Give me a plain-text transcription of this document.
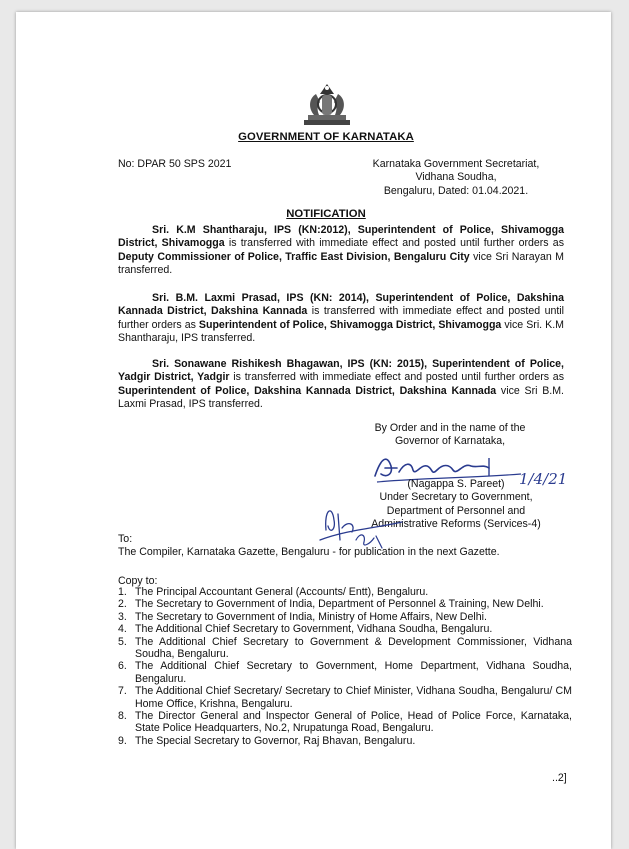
GOVERNMENT OF KARNATAKA
No: DPAR 50 SPS 2021	Karnataka Government Secretariat,
Vidhana Soudha,
Bengaluru, Dated: 01.04.2021.
NOTIFICATION

Sri. K.M Shantharaju, IPS (KN:2012), Superintendent of Police, Shivamogga District, Shivamogga is transferred with immediate effect and posted until further orders as Deputy Commissioner of Police, Traffic East Division, Bengaluru City vice Sri Narayan M transferred.

Sri. B.M. Laxmi Prasad, IPS (KN: 2014), Superintendent of Police, Dakshina Kannada District, Dakshina Kannada is transferred with immediate effect and posted until further orders as Superintendent of Police, Shivamogga District, Shivamogga vice Sri. K.M Shantharaju, IPS transferred.

Sri. Sonawane Rishikesh Bhagawan, IPS (KN: 2015), Superintendent of Police, Yadgir District, Yadgir is transferred with immediate effect and posted until further orders as Superintendent of Police, Dakshina Kannada District, Dakshina Kannada vice Sri B.M. Laxmi Prasad, IPS transferred.

By Order and in the name of the
Governor of Karnataka,
1/4/21
(Nagappa S. Pareet)
Under Secretary to Government,
Department of Personnel and
Administrative Reforms (Services-4)
To:
The Compiler, Karnataka Gazette, Bengaluru - for publication in the next Gazette.
Copy to:
1. The Principal Accountant General (Accounts/ Entt), Bengaluru.
2. The Secretary to Government of India, Department of Personnel & Training, New Delhi.
3. The Secretary to Government of India, Ministry of Home Affairs, New Delhi.
4. The Additional Chief Secretary to Government, Vidhana Soudha, Bengaluru.
5. The Additional Chief Secretary to Government & Development Commissioner, Vidhana Soudha, Bengaluru.
6. The Additional Chief Secretary to Government, Home Department, Vidhana Soudha, Bengaluru.
7. The Additional Chief Secretary/ Secretary to Chief Minister, Vidhana Soudha, Bengaluru/ CM Home Office, Krishna, Bengaluru.
8. The Director General and Inspector General of Police, Head of Police Force, Karnataka, State Police Headquarters, No.2, Nrupatunga Road, Bengaluru.
9. The Special Secretary to Governor, Raj Bhavan, Bengaluru.
..2]
